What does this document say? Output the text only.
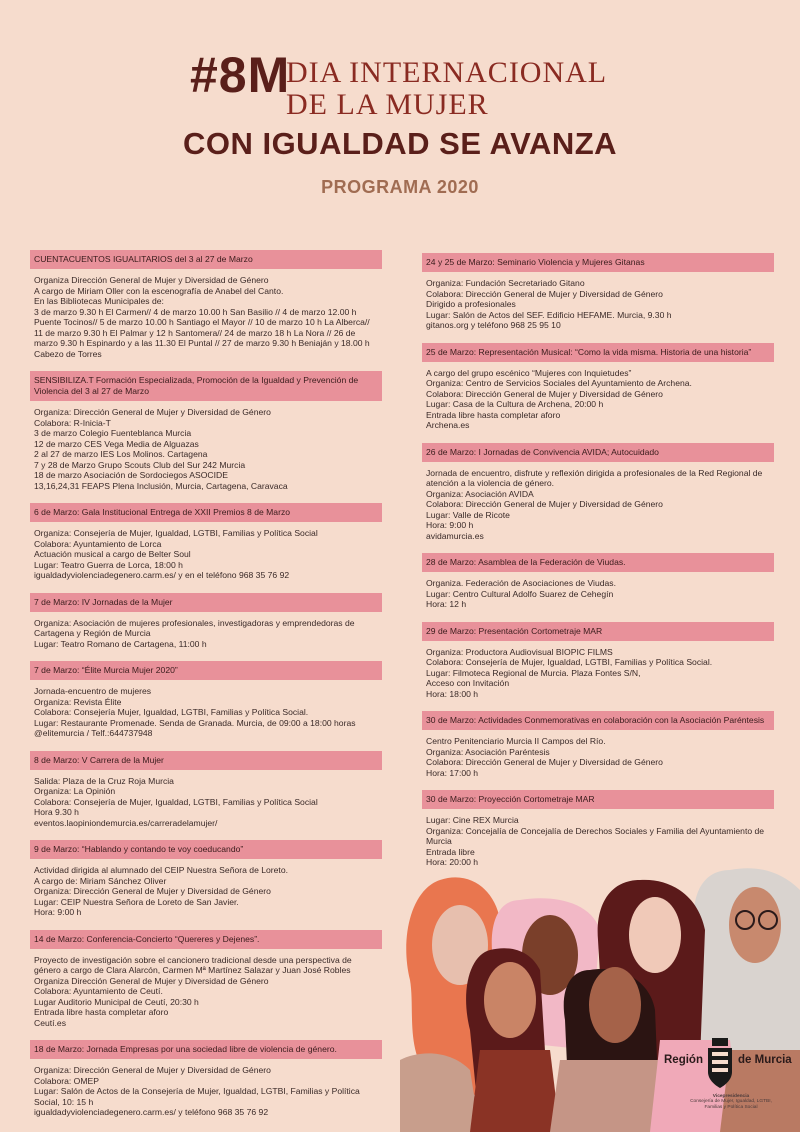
#8M
DIA INTERNACIONAL
DE LA MUJER
CON IGUALDAD SE AVANZA
PROGRAMA 2020
CUENTACUENTOS IGUALITARIOS del 3 al 27 de Marzo
Organiza Dirección General de Mujer y Diversidad de Género
A cargo de Miriam Oller con la escenografía de Anabel del Canto.
En las Bibliotecas Municipales de:
3 de marzo 9.30 h El Carmen// 4 de marzo 10.00 h San Basilio // 4 de marzo 12.00 h
Puente Tocinos// 5 de marzo 10.00 h Santiago el Mayor // 10 de marzo 10 h La Alberca//
11 de marzo 9.30 h El Palmar y 12 h Santomera// 24 de marzo 18 h La Nora // 26 de
marzo 9.30 h Espinardo y a las 11.30 El Puntal // 27 de marzo 9.30 h Beniaján y 18.00 h
Cabezo de Torres
SENSIBILIZA.T Formación Especializada, Promoción de la Igualdad y Prevención de Violencia del 3 al 27 de Marzo
Organiza: Dirección General de Mujer y Diversidad de Género
Colabora: R-Inicia-T
3 de marzo Colegio Fuenteblanca Murcia
12 de marzo CES Vega Media de Alguazas
2 al 27 de marzo IES Los Molinos. Cartagena
7 y 28 de Marzo Grupo Scouts Club del Sur 242 Murcia
18 de marzo Asociación de Sordociegos ASOCIDE
13,16,24,31 FEAPS Plena Inclusión, Murcia, Cartagena, Caravaca
6 de Marzo: Gala Institucional Entrega de XXII Premios 8 de Marzo
Organiza: Consejería de Mujer, Igualdad, LGTBI, Familias y Política Social
Colabora: Ayuntamiento de Lorca
Actuación musical a cargo de Belter Soul
Lugar: Teatro Guerra de Lorca, 18:00 h
igualdadyviolenciadegenero.carm.es/ y en el teléfono 968 35 76 92
7 de Marzo: IV Jornadas de la Mujer
Organiza: Asociación de mujeres profesionales, investigadoras y emprendedoras de
Cartagena y Región de Murcia
Lugar: Teatro Romano de Cartagena, 11:00 h
7 de Marzo: “Élite Murcia Mujer 2020”
Jornada-encuentro de mujeres
Organiza: Revista Élite
Colabora: Consejería Mujer, Igualdad, LGTBI, Familias y Política Social.
Lugar: Restaurante Promenade. Senda de Granada. Murcia, de 09:00 a 18:00 horas
@elitemurcia / Telf.:644737948
8 de Marzo: V Carrera de la Mujer
Salida: Plaza de la Cruz Roja Murcia
Organiza: La Opinión
Colabora: Consejería de Mujer, Igualdad, LGTBI, Familias y Política Social
Hora 9.30 h
eventos.laopiniondemurcia.es/carreradelamujer/
9 de Marzo: “Hablando y contando te voy coeducando”
Actividad dirigida al alumnado del CEIP Nuestra Señora de Loreto.
A cargo de: Miriam Sánchez Oliver
Organiza: Dirección General de Mujer y Diversidad de Género
Lugar: CEIP Nuestra Señora de Loreto de San Javier.
Hora: 9:00 h
14 de Marzo: Conferencia-Concierto “Quereres y Dejenes”.
Proyecto de investigación sobre el cancionero tradicional desde una perspectiva de
género a cargo de Clara Alarcón, Carmen Mª Martínez Salazar y Juan José Robles
Organiza Dirección General de Mujer y Diversidad de Género
Colabora: Ayuntamiento de Ceutí.
Lugar Auditorio Municipal de Ceutí, 20:30 h
Entrada libre hasta completar aforo
Ceutí.es
18 de Marzo: Jornada Empresas por una sociedad libre de violencia de género.
Organiza: Dirección General de Mujer y Diversidad de Género
Colabora: OMEP
Lugar: Salón de Actos de la Consejería de Mujer, Igualdad, LGTBI, Familias y Política
Social, 10: 15 h
igualdadyviolenciadegenero.carm.es/ y teléfono 968 35 76 92
24 y 25 de Marzo: Seminario Violencia y Mujeres Gitanas
Organiza: Fundación Secretariado Gitano
Colabora: Dirección General de Mujer y Diversidad de Género
Dirigido a profesionales
Lugar: Salón de Actos del SEF. Edificio HEFAME. Murcia, 9.30 h
gitanos.org y teléfono 968 25 95 10
25 de Marzo: Representación Musical: “Como la vida misma. Historia de una historia”
A cargo del grupo escénico “Mujeres con Inquietudes”
Organiza: Centro de Servicios Sociales del Ayuntamiento de Archena.
Colabora: Dirección General de Mujer y Diversidad de Género
Lugar: Casa de la Cultura de Archena, 20:00 h
Entrada libre hasta completar aforo
Archena.es
26 de Marzo: I Jornadas de Convivencia AVIDA; Autocuidado
Jornada de encuentro, disfrute y reflexión dirigida a profesionales de la Red Regional de
atención a la violencia de género.
Organiza: Asociación AVIDA
Colabora: Dirección General de Mujer y Diversidad de Género
Lugar: Valle de Ricote
Hora: 9:00 h
avidamurcia.es
28 de Marzo: Asamblea de la Federación de Viudas.
Organiza. Federación de Asociaciones de Viudas.
Lugar: Centro Cultural Adolfo Suarez de Cehegín
Hora: 12 h
29 de Marzo: Presentación Cortometraje MAR
Organiza: Productora Audiovisual BIOPIC FILMS
Colabora: Consejería de Mujer, Igualdad, LGTBI, Familias y Política Social.
Lugar: Filmoteca Regional de Murcia. Plaza Fontes S/N,
Acceso con Invitación
Hora: 18:00 h
30 de Marzo: Actividades Conmemorativas en colaboración con la Asociación Paréntesis
Centro Penitenciario Murcia II Campos del Río.
Organiza: Asociación Paréntesis
Colabora: Dirección General de Mujer y Diversidad de Género
Hora: 17:00 h
30 de Marzo: Proyección Cortometraje MAR
Lugar: Cine REX Murcia
Organiza: Concejalía de Concejalía de Derechos Sociales y Familia del Ayuntamiento de
Murcia
Entrada libre
Hora: 20:00 h
Región	de Murcia
Vicepresidencia
Consejería de Mujer, Igualdad, LGTBI,
Familias y Política Social
